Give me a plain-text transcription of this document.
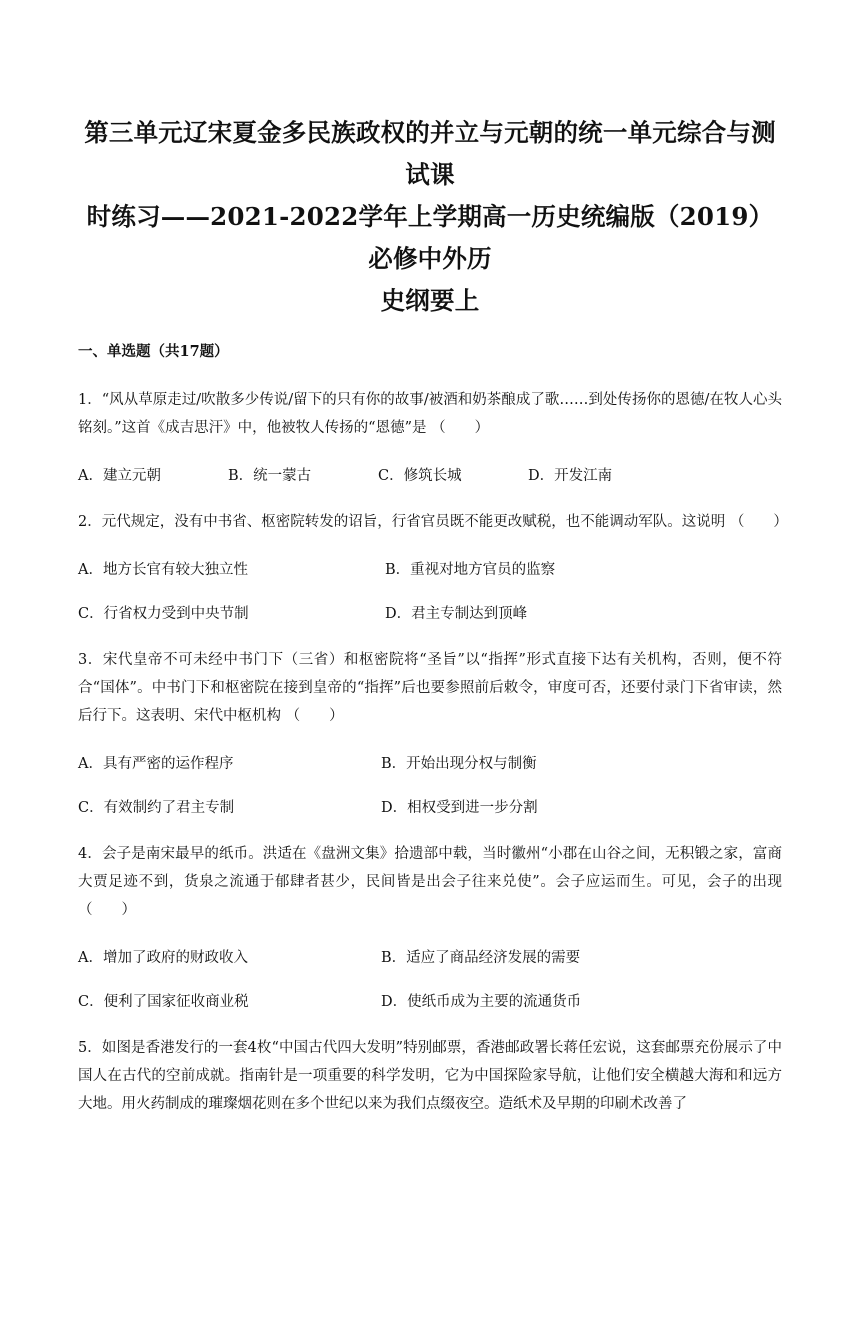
第三单元辽宋夏金多民族政权的并立与元朝的统一单元综合与测试课
时练习——2021-2022学年上学期高一历史统编版（2019）必修中外历
史纲要上
一、单选题（共17题）
1．“风从草原走过/吹散多少传说/留下的只有你的故事/被酒和奶茶酿成了歌……到处传扬你的恩德/在牧人心头铭刻。”这首《成吉思汗》中，他被牧人传扬的“恩德”是 （　　）
A．建立元朝	B．统一蒙古	C．修筑长城	D．开发江南
2．元代规定，没有中书省、枢密院转发的诏旨，行省官员既不能更改赋税，也不能调动军队。这说明 （　　）
A．地方长官有较大独立性	B．重视对地方官员的监察
C．行省权力受到中央节制	D．君主专制达到顶峰
3．宋代皇帝不可未经中书门下（三省）和枢密院将“圣旨”以“指挥”形式直接下达有关机构，否则，便不符合“国体”。中书门下和枢密院在接到皇帝的“指挥”后也要参照前后敕令，审度可否，还要付录门下省审读，然后行下。这表明、宋代中枢机构 （　　）
A．具有严密的运作程序	B．开始出现分权与制衡
C．有效制约了君主专制	D．相权受到进一步分割
4．会子是南宋最早的纸币。洪适在《盘洲文集》拾遗部中载，当时徽州“小郡在山谷之间，无积锻之家，富商大贾足迹不到，货泉之流通于郁肆者甚少，民间皆是出会子往来兑使”。会子应运而生。可见，会子的出现 （　　）
A．增加了政府的财政收入	B．适应了商品经济发展的需要
C．便利了国家征收商业税	D．使纸币成为主要的流通货币
5．如图是香港发行的一套4枚“中国古代四大发明”特别邮票，香港邮政署长蒋任宏说，这套邮票充份展示了中国人在古代的空前成就。指南针是一项重要的科学发明，它为中国探险家导航，让他们安全横越大海和和远方大地。用火药制成的璀璨烟花则在多个世纪以来为我们点缀夜空。造纸术及早期的印刷术改善了
